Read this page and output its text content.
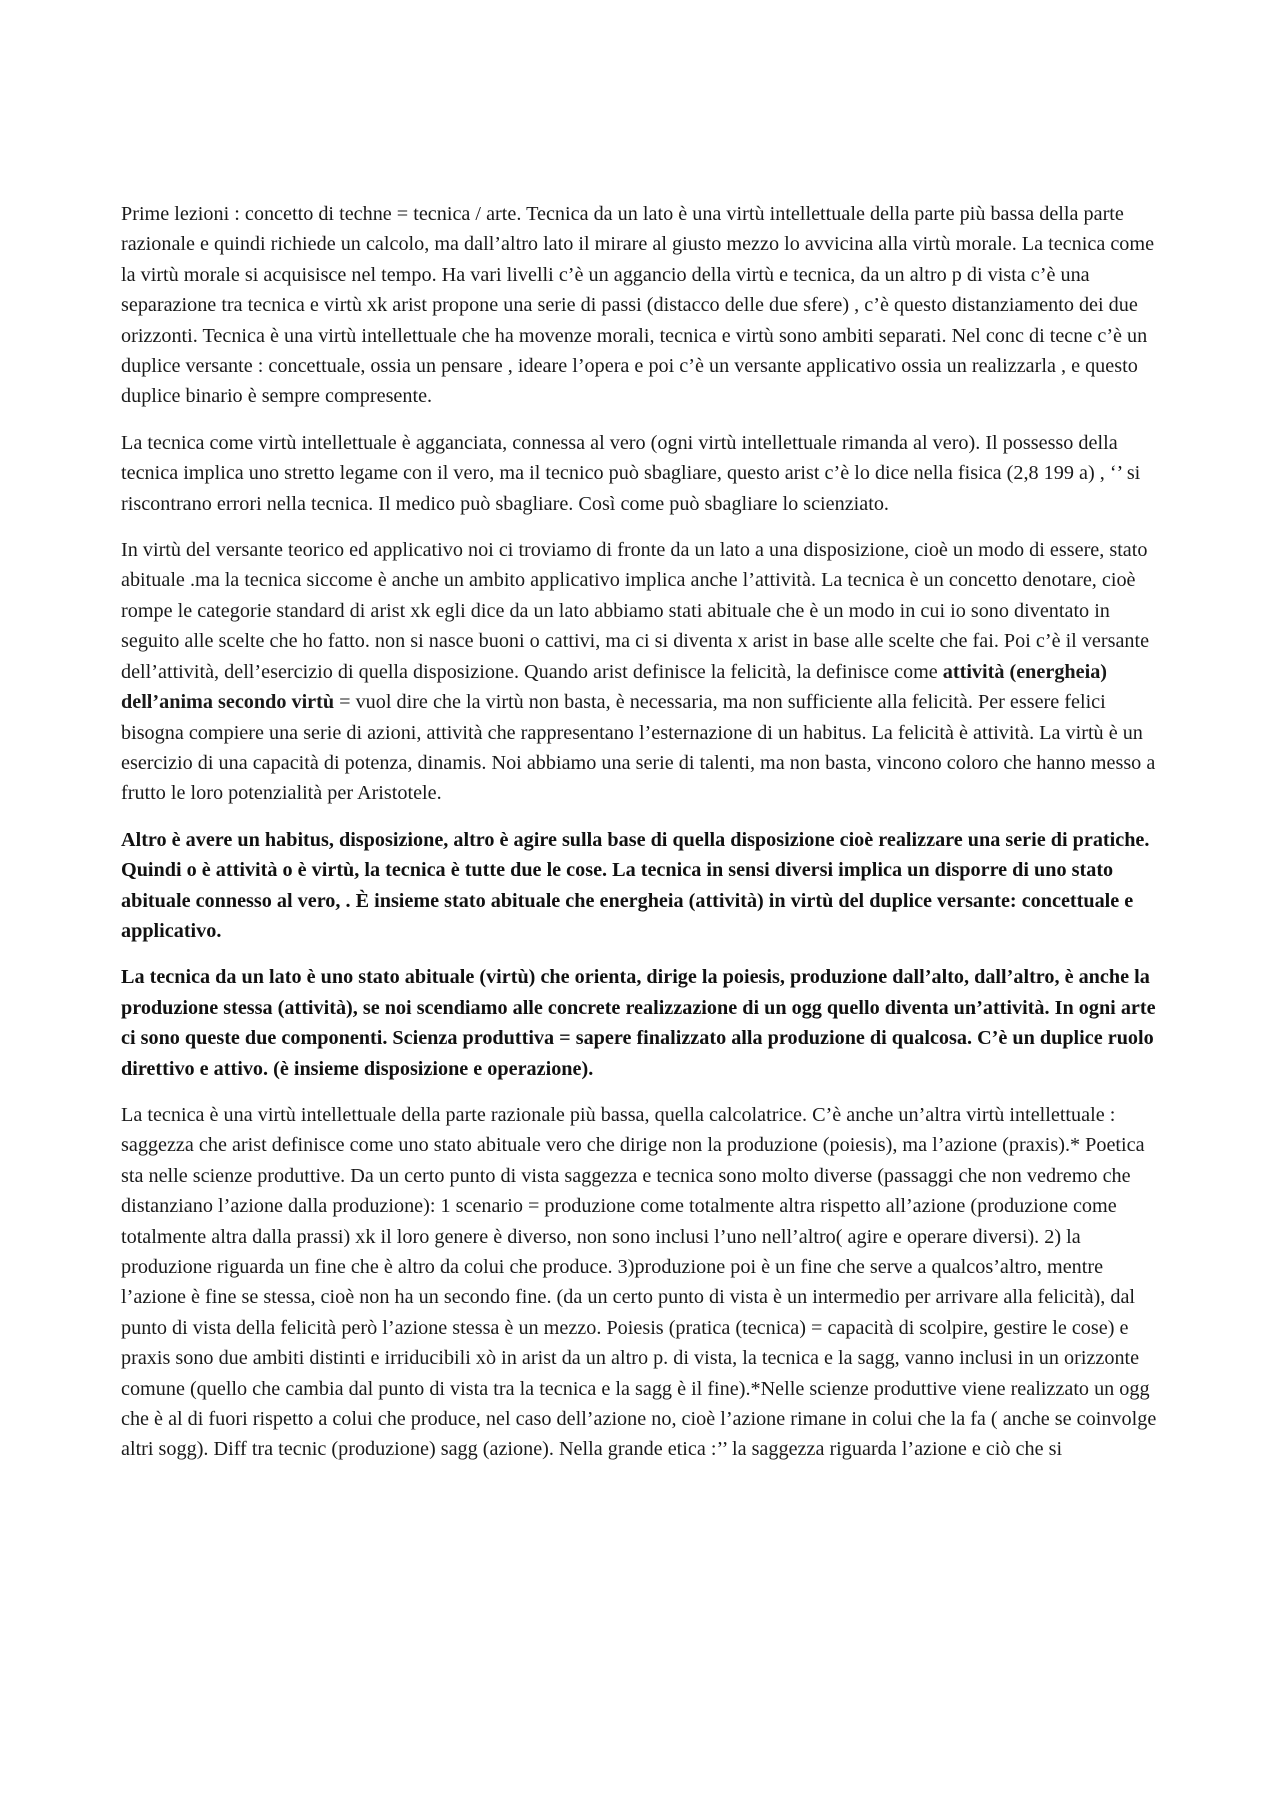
Prime lezioni : concetto di techne = tecnica / arte. Tecnica da un lato è una virtù intellettuale della parte più bassa della parte razionale e quindi richiede un calcolo, ma dall’altro lato il mirare al giusto mezzo lo avvicina alla virtù morale. La tecnica come la virtù morale si acquisisce nel tempo. Ha vari livelli c’è un aggancio della virtù e tecnica, da un altro p di vista c’è una separazione tra tecnica e virtù xk arist propone una serie di passi (distacco delle due sfere) , c’è questo distanziamento dei due orizzonti. Tecnica è una virtù intellettuale che ha movenze morali, tecnica e virtù sono ambiti separati. Nel conc di tecne c’è un duplice versante : concettuale, ossia un pensare , ideare l’opera e poi c’è un versante applicativo ossia un realizzarla , e questo duplice binario è sempre compresente.

La tecnica come virtù intellettuale è agganciata, connessa al vero (ogni virtù intellettuale rimanda al vero). Il possesso della tecnica implica uno stretto legame con il vero, ma il tecnico può sbagliare, questo arist c’è lo dice nella fisica (2,8 199 a) , ‘’ si riscontrano errori nella tecnica. Il medico può sbagliare. Così come può sbagliare lo scienziato.

In virtù del versante teorico ed applicativo noi ci troviamo di fronte da un lato a una disposizione, cioè un modo di essere, stato abituale .ma la tecnica siccome è anche un ambito applicativo implica anche l’attività. La tecnica è un concetto denotare, cioè rompe le categorie standard di arist xk egli dice da un lato abbiamo stati abituale che è un modo in cui io sono diventato in seguito alle scelte che ho fatto. non si nasce buoni o cattivi, ma ci si diventa x arist in base alle scelte che fai. Poi c’è il versante dell’attività, dell’esercizio di quella disposizione. Quando arist definisce la felicità, la definisce come attività (energheia) dell’anima secondo virtù = vuol dire che la virtù non basta, è necessaria, ma non sufficiente alla felicità. Per essere felici bisogna compiere una serie di azioni, attività che rappresentano l’esternazione di un habitus. La felicità è attività. La virtù è un esercizio di una capacità di potenza, dinamis. Noi abbiamo una serie di talenti, ma non basta, vincono coloro che hanno messo a frutto le loro potenzialità per Aristotele.

Altro è avere un habitus, disposizione, altro è agire sulla base di quella disposizione cioè realizzare una serie di pratiche. Quindi o è attività o è virtù, la tecnica è tutte due le cose. La tecnica in sensi diversi implica un disporre di uno stato abituale connesso al vero, . È insieme stato abituale che energheia (attività) in virtù del duplice versante: concettuale e applicativo.

La tecnica da un lato è uno stato abituale (virtù) che orienta, dirige la poiesis, produzione dall’alto, dall’altro, è anche la produzione stessa (attività), se noi scendiamo alle concrete realizzazione di un ogg quello diventa un’attività. In ogni arte ci sono queste due componenti. Scienza produttiva = sapere finalizzato alla produzione di qualcosa. C’è un duplice ruolo direttivo e attivo. (è insieme disposizione e operazione).

La tecnica è una virtù intellettuale della parte razionale più bassa, quella calcolatrice. C’è anche un’altra virtù intellettuale : saggezza che arist definisce come uno stato abituale vero che dirige non la produzione (poiesis), ma l’azione (praxis).* Poetica sta nelle scienze produttive. Da un certo punto di vista saggezza e tecnica sono molto diverse (passaggi che non vedremo che distanziano l’azione dalla produzione): 1 scenario = produzione come totalmente altra rispetto all’azione (produzione come totalmente altra dalla prassi) xk il loro genere è diverso, non sono inclusi l’uno nell’altro( agire e operare diversi). 2) la produzione riguarda un fine che è altro da colui che produce. 3)produzione poi è un fine che serve a qualcos’altro, mentre l’azione è fine se stessa, cioè non ha un secondo fine. (da un certo punto di vista è un intermedio per arrivare alla felicità), dal punto di vista della felicità però l’azione stessa è un mezzo. Poiesis (pratica (tecnica) = capacità di scolpire, gestire le cose) e praxis sono due ambiti distinti e irriducibili xò in arist da un altro p. di vista, la tecnica e la sagg, vanno inclusi in un orizzonte comune (quello che cambia dal punto di vista tra la tecnica e la sagg è il fine).*Nelle scienze produttive viene realizzato un ogg che è al di fuori rispetto a colui che produce, nel caso dell’azione no, cioè l’azione rimane in colui che la fa ( anche se coinvolge altri sogg). Diff tra tecnic (produzione) sagg (azione). Nella grande etica :’’ la saggezza riguarda l’azione e ciò che si
